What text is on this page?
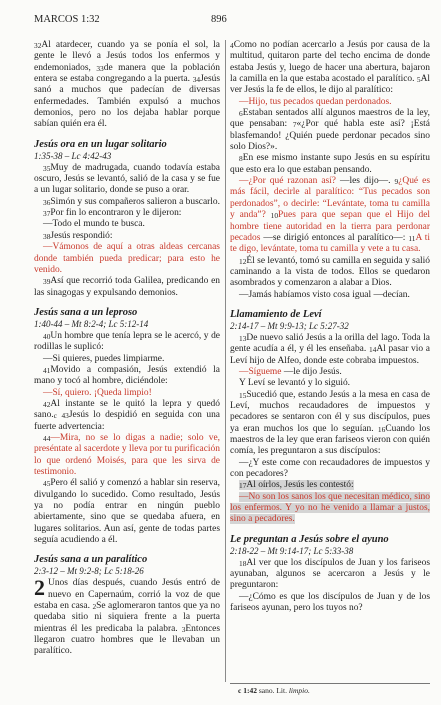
MARCOS 1:32	896

$^{32}$Al atardecer, cuando ya se ponía el sol, la gente le llevó a Jesús todos los enfermos y endemoniados, $^{33}$de manera que la población entera se estaba congregando a la puerta. $^{34}$Jesús sanó a muchos que padecían de diversas enfermedades. También expulsó a muchos demonios, pero no los dejaba hablar porque sabían quién era él.

Jesús ora en un lugar solitario
1:35-38 – Lc 4:42-43

$^{35}$Muy de madrugada, cuando todavía estaba oscuro, Jesús se levantó, salió de la casa y se fue a un lugar solitario, donde se puso a orar.

$^{36}$Simón y sus compañeros salieron a buscarlo.

$^{37}$Por fin lo encontraron y le dijeron:

—Todo el mundo te busca.

$^{38}$Jesús respondió:

—Vámonos de aquí a otras aldeas cercanas donde también pueda predicar; para esto he venido.

$^{39}$Así que recorrió toda Galilea, predicando en las sinagogas y expulsando demonios.

Jesús sana a un leproso
1:40-44 – Mt 8:2-4; Lc 5:12-14

$^{40}$Un hombre que tenía lepra se le acercó, y de rodillas le suplicó:

—Si quieres, puedes limpiarme.

$^{41}$Movido a compasión, Jesús extendió la mano y tocó al hombre, diciéndole:

—Sí, quiero. ¡Queda limpio!

$^{42}$Al instante se le quitó la lepra y quedó sano.$^c$ $^{43}$Jesús lo despidió en seguida con una fuerte advertencia:

$^{44}$—Mira, no se lo digas a nadie; solo ve, preséntate al sacerdote y lleva por tu purificación lo que ordenó Moisés, para que les sirva de testimonio.

$^{45}$Pero él salió y comenzó a hablar sin reserva, divulgando lo sucedido. Como resultado, Jesús ya no podía entrar en ningún pueblo abiertamente, sino que se quedaba afuera, en lugares solitarios. Aun así, gente de todas partes seguía acudiendo a él.

Jesús sana a un paralítico
2:3-12 – Mt 9:2-8; Lc 5:18-26

2 Unos días después, cuando Jesús entró de nuevo en Capernaúm, corrió la voz de que estaba en casa. $^2$Se aglomeraron tantos que ya no quedaba sitio ni siquiera frente a la puerta mientras él les predicaba la palabra. $^3$Entonces llegaron cuatro hombres que le llevaban un paralítico.

$^4$Como no podían acercarlo a Jesús por causa de la multitud, quitaron parte del techo encima de donde estaba Jesús y, luego de hacer una abertura, bajaron la camilla en la que estaba acostado el paralítico. $^5$Al ver Jesús la fe de ellos, le dijo al paralítico:

—Hijo, tus pecados quedan perdonados.

$^6$Estaban sentados allí algunos maestros de la ley, que pensaban: $^7$«¿Por qué habla este así? ¡Está blasfemando! ¿Quién puede perdonar pecados sino solo Dios?».

$^8$En ese mismo instante supo Jesús en su espíritu que esto era lo que estaban pensando.

—¿Por qué razonan así? —les dijo—. $^9$¿Qué es más fácil, decirle al paralítico: “Tus pecados son perdonados”, o decirle: “Levántate, toma tu camilla y anda”? $^{10}$Pues para que sepan que el Hijo del hombre tiene autoridad en la tierra para perdonar pecados —se dirigió entonces al paralítico—: $^{11}$A ti te digo, levántate, toma tu camilla y vete a tu casa.

$^{12}$Él se levantó, tomó su camilla en seguida y salió caminando a la vista de todos. Ellos se quedaron asombrados y comenzaron a alabar a Dios.

—Jamás habíamos visto cosa igual —decían.

Llamamiento de Leví
2:14-17 – Mt 9:9-13; Lc 5:27-32

$^{13}$De nuevo salió Jesús a la orilla del lago. Toda la gente acudía a él, y él les enseñaba. $^{14}$Al pasar vio a Leví hijo de Alfeo, donde este cobraba impuestos.

—Sígueme —le dijo Jesús.

Y Leví se levantó y lo siguió.

$^{15}$Sucedió que, estando Jesús a la mesa en casa de Leví, muchos recaudadores de impuestos y pecadores se sentaron con él y sus discípulos, pues ya eran muchos los que lo seguían. $^{16}$Cuando los maestros de la ley que eran fariseos vieron con quién comía, les preguntaron a sus discípulos:

—¿Y este come con recaudadores de impuestos y con pecadores?

$^{17}$Al oírlos, Jesús les contestó:

—No son los sanos los que necesitan médico, sino los enfermos. Y yo no he venido a llamar a justos, sino a pecadores.

Le preguntan a Jesús sobre el ayuno
2:18-22 – Mt 9:14-17; Lc 5:33-38

$^{18}$Al ver que los discípulos de Juan y los fariseos ayunaban, algunos se acercaron a Jesús y le preguntaron:

—¿Cómo es que los discípulos de Juan y de los fariseos ayunan, pero los tuyos no?

c 1:42 sano. Lit. limpio.
